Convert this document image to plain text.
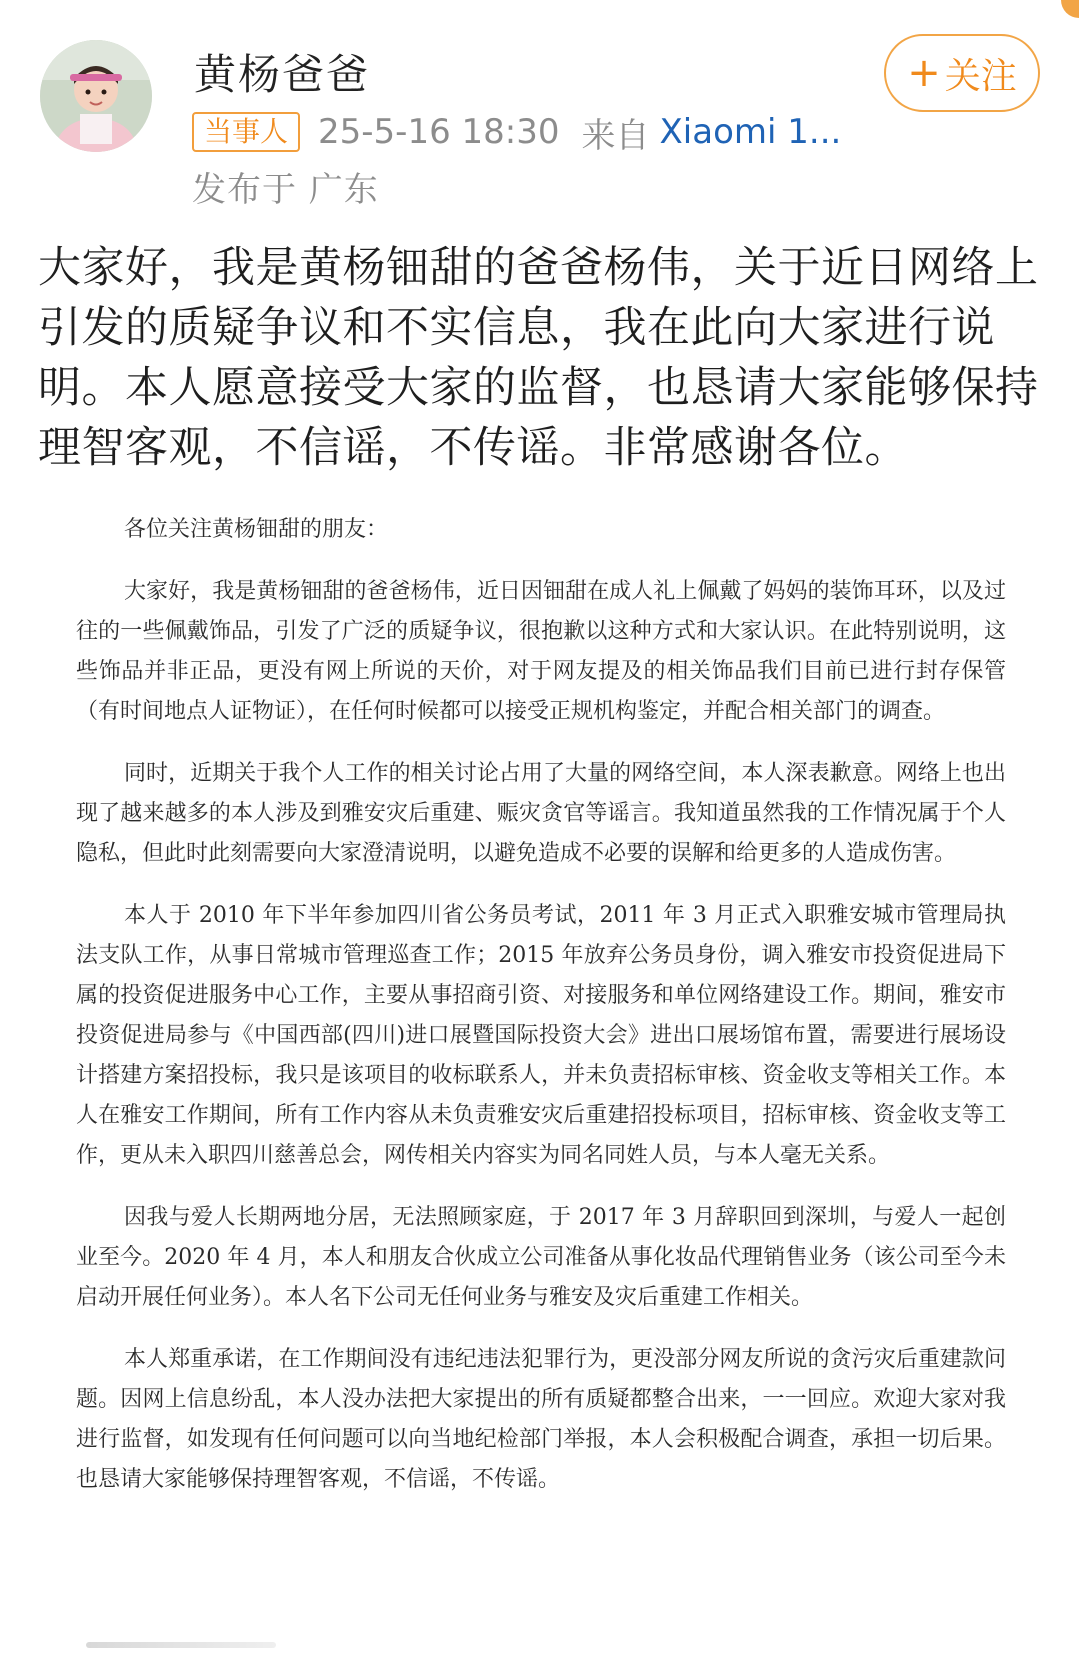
黄杨爸爸
当事人 25-5-16 18:30 来自 Xiaomi 1...
发布于 广东
+ 关注

大家好，我是黄杨钿甜的爸爸杨伟，关于近日网络上引发的质疑争议和不实信息，我在此向大家进行说明。本人愿意接受大家的监督，也恳请大家能够保持理智客观，不信谣，不传谣。非常感谢各位。

各位关注黄杨钿甜的朋友：

大家好，我是黄杨钿甜的爸爸杨伟，近日因钿甜在成人礼上佩戴了妈妈的装饰耳环，以及过往的一些佩戴饰品，引发了广泛的质疑争议，很抱歉以这种方式和大家认识。在此特别说明，这些饰品并非正品，更没有网上所说的天价，对于网友提及的相关饰品我们目前已进行封存保管（有时间地点人证物证），在任何时候都可以接受正规机构鉴定，并配合相关部门的调查。

同时，近期关于我个人工作的相关讨论占用了大量的网络空间，本人深表歉意。网络上也出现了越来越多的本人涉及到雅安灾后重建、赈灾贪官等谣言。我知道虽然我的工作情况属于个人隐私，但此时此刻需要向大家澄清说明，以避免造成不必要的误解和给更多的人造成伤害。

本人于 2010 年下半年参加四川省公务员考试，2011 年 3 月正式入职雅安城市管理局执法支队工作，从事日常城市管理巡查工作；2015 年放弃公务员身份，调入雅安市投资促进局下属的投资促进服务中心工作，主要从事招商引资、对接服务和单位网络建设工作。期间，雅安市投资促进局参与《中国西部(四川)进口展暨国际投资大会》进出口展场馆布置，需要进行展场设计搭建方案招投标，我只是该项目的收标联系人，并未负责招标审核、资金收支等相关工作。本人在雅安工作期间，所有工作内容从未负责雅安灾后重建招投标项目，招标审核、资金收支等工作，更从未入职四川慈善总会，网传相关内容实为同名同姓人员，与本人毫无关系。

因我与爱人长期两地分居，无法照顾家庭，于 2017 年 3 月辞职回到深圳，与爱人一起创业至今。2020 年 4 月，本人和朋友合伙成立公司准备从事化妆品代理销售业务（该公司至今未启动开展任何业务）。本人名下公司无任何业务与雅安及灾后重建工作相关。

本人郑重承诺，在工作期间没有违纪违法犯罪行为，更没部分网友所说的贪污灾后重建款问题。因网上信息纷乱，本人没办法把大家提出的所有质疑都整合出来，一一回应。欢迎大家对我进行监督，如发现有任何问题可以向当地纪检部门举报，本人会积极配合调查，承担一切后果。也恳请大家能够保持理智客观，不信谣，不传谣。
